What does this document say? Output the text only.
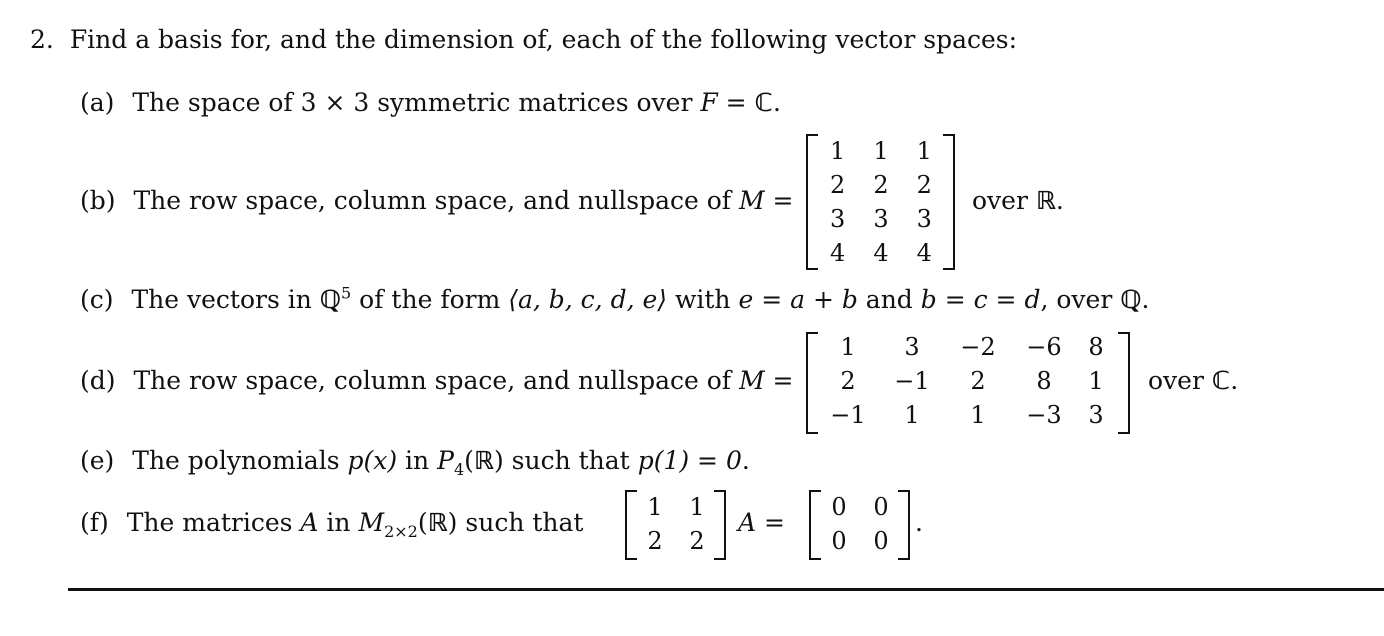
2. Find a basis for, and the dimension of, each of the following vector spaces:
(a) The space of 3 × 3 symmetric matrices over F = ℂ.
(b) The row space, column space, and nullspace of M =
1	1	1
2	2	2
3	3	3
4	4	4
over ℝ.
(c) The vectors in ℚ$^5$ of the form ⟨a, b, c, d, e⟩ with e = a + b and b = c = d, over ℚ.
(d) The row space, column space, and nullspace of M =
1	3	−2	−6	8
2	−1	2	8	1
−1	1	1	−3	3
over ℂ.
(e) The polynomials p(x) in $P_4(ℝ)$ such that p(1) = 0.
(f) The matrices A in $M_{2\times 2}(ℝ)$ such that
1	1
2	2
A =
0	0
0	0
.
